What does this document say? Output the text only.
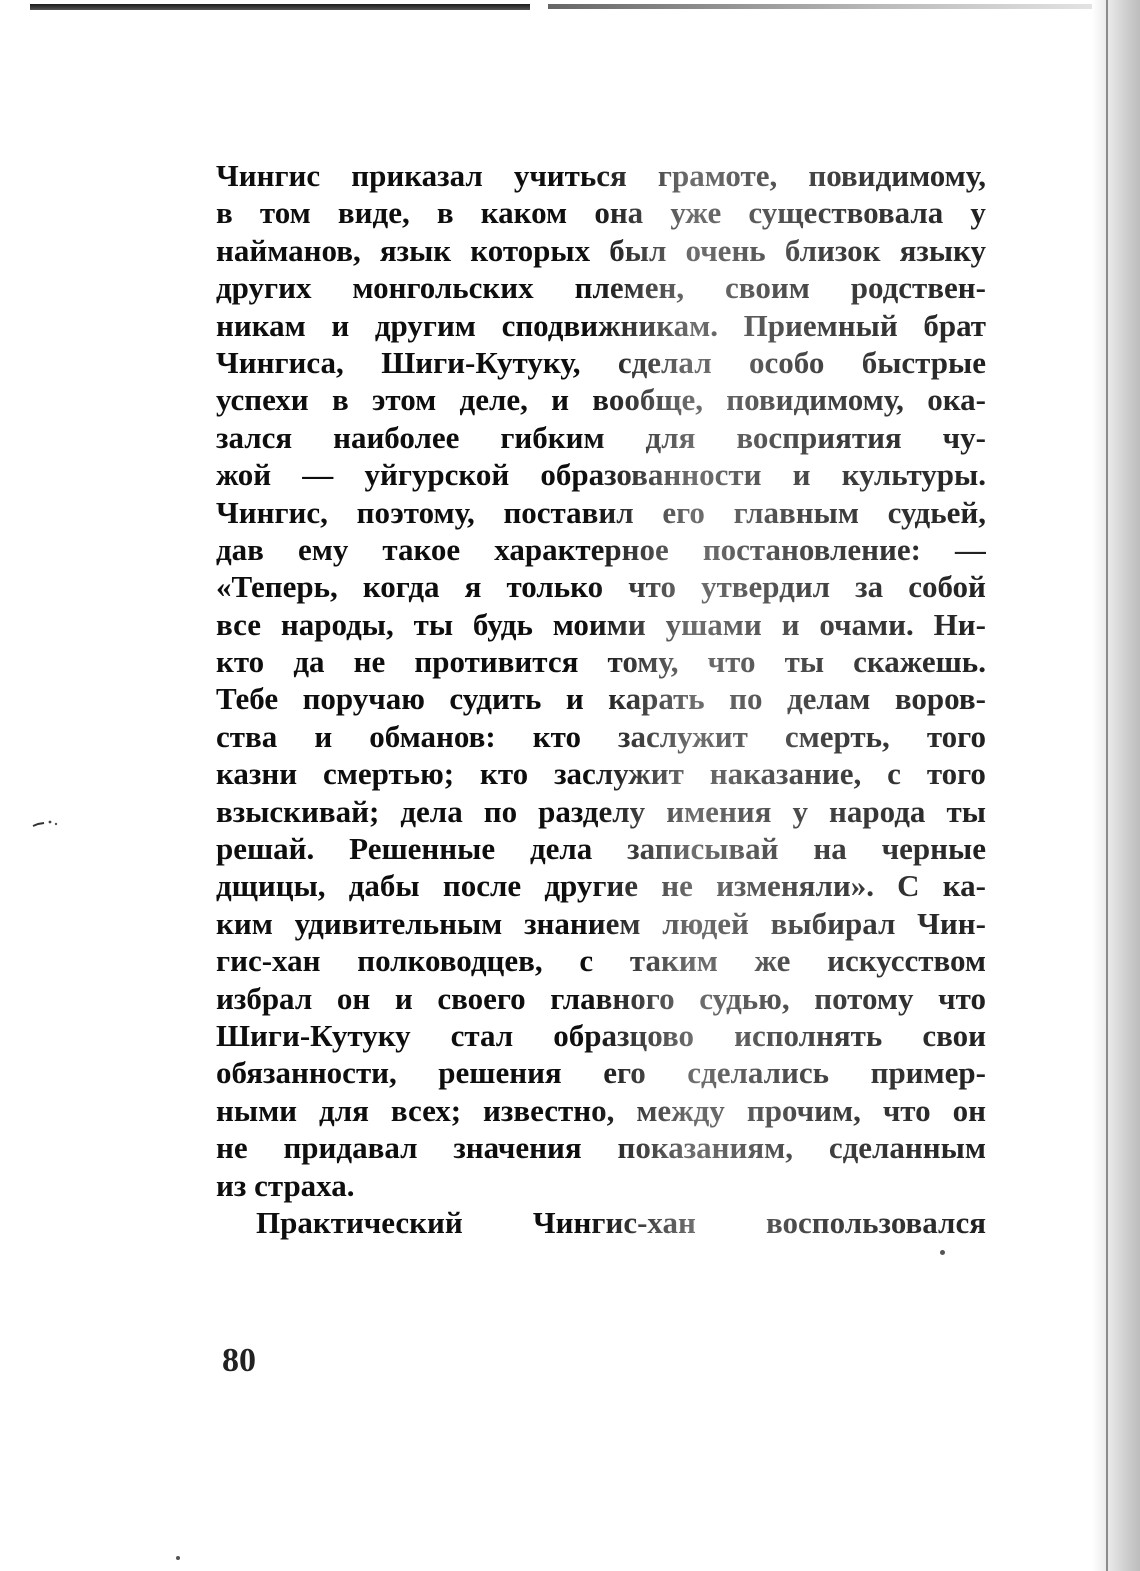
Чингис приказал учиться грамоте, повидимому,
в том виде, в каком она уже существовала у
найманов, язык которых был очень близок языку
других монгольских племен, своим родствен-
никам и другим сподвижникам. Приемный брат
Чингиса, Шиги-Кутуку, сделал особо быстрые
успехи в этом деле, и вообще, повидимому, ока-
зался наиболее гибким для восприятия чу-
жой — уйгурской образованности и культуры.
Чингис, поэтому, поставил его главным судьей,
дав ему такое характерное постановление: —
«Теперь, когда я только что утвердил за собой
все народы, ты будь моими ушами и очами. Ни-
кто да не противится тому, что ты скажешь.
Тебе поручаю судить и карать по делам воров-
ства и обманов: кто заслужит смерть, того
казни смертью; кто заслужит наказание, с того
взыскивай; дела по разделу имения у народа ты
решай. Решенные дела записывай на черные
дщицы, дабы после другие не изменяли». С ка-
ким удивительным знанием людей выбирал Чин-
гис-хан полководцев, с таким же искусством
избрал он и своего главного судью, потому что
Шиги-Кутуку стал образцово исполнять свои
обязанности, решения его сделались пример-
ными для всех; известно, между прочим, что он
не придавал значения показаниям, сделанным
из
страха.
Практический Чингис-хан воспользовался
80
